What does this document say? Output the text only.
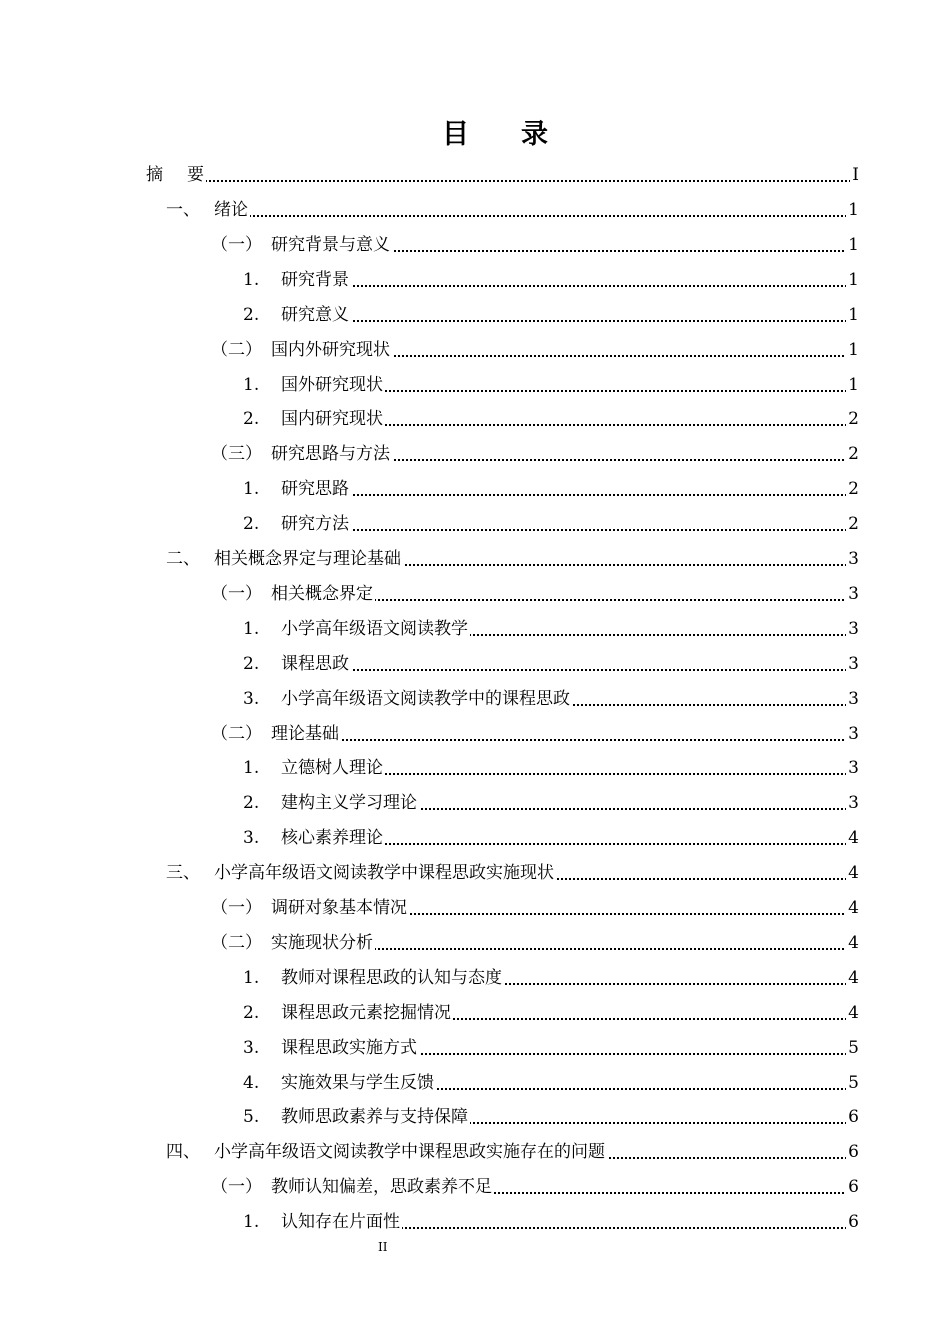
目 录
摘 要	I
一、 绪论	1
（一） 研究背景与意义	1
1. 研究背景	1
2. 研究意义	1
（二） 国内外研究现状	1
1. 国外研究现状	1
2. 国内研究现状	2
（三） 研究思路与方法	2
1. 研究思路	2
2. 研究方法	2
二、 相关概念界定与理论基础	3
（一） 相关概念界定	3
1. 小学高年级语文阅读教学	3
2. 课程思政	3
3. 小学高年级语文阅读教学中的课程思政	3
（二） 理论基础	3
1. 立德树人理论	3
2. 建构主义学习理论	3
3. 核心素养理论	4
三、 小学高年级语文阅读教学中课程思政实施现状	4
（一） 调研对象基本情况	4
（二） 实施现状分析	4
1. 教师对课程思政的认知与态度	4
2. 课程思政元素挖掘情况	4
3. 课程思政实施方式	5
4. 实施效果与学生反馈	5
5. 教师思政素养与支持保障	6
四、 小学高年级语文阅读教学中课程思政实施存在的问题	6
（一） 教师认知偏差，思政素养不足	6
1. 认知存在片面性	6
II
